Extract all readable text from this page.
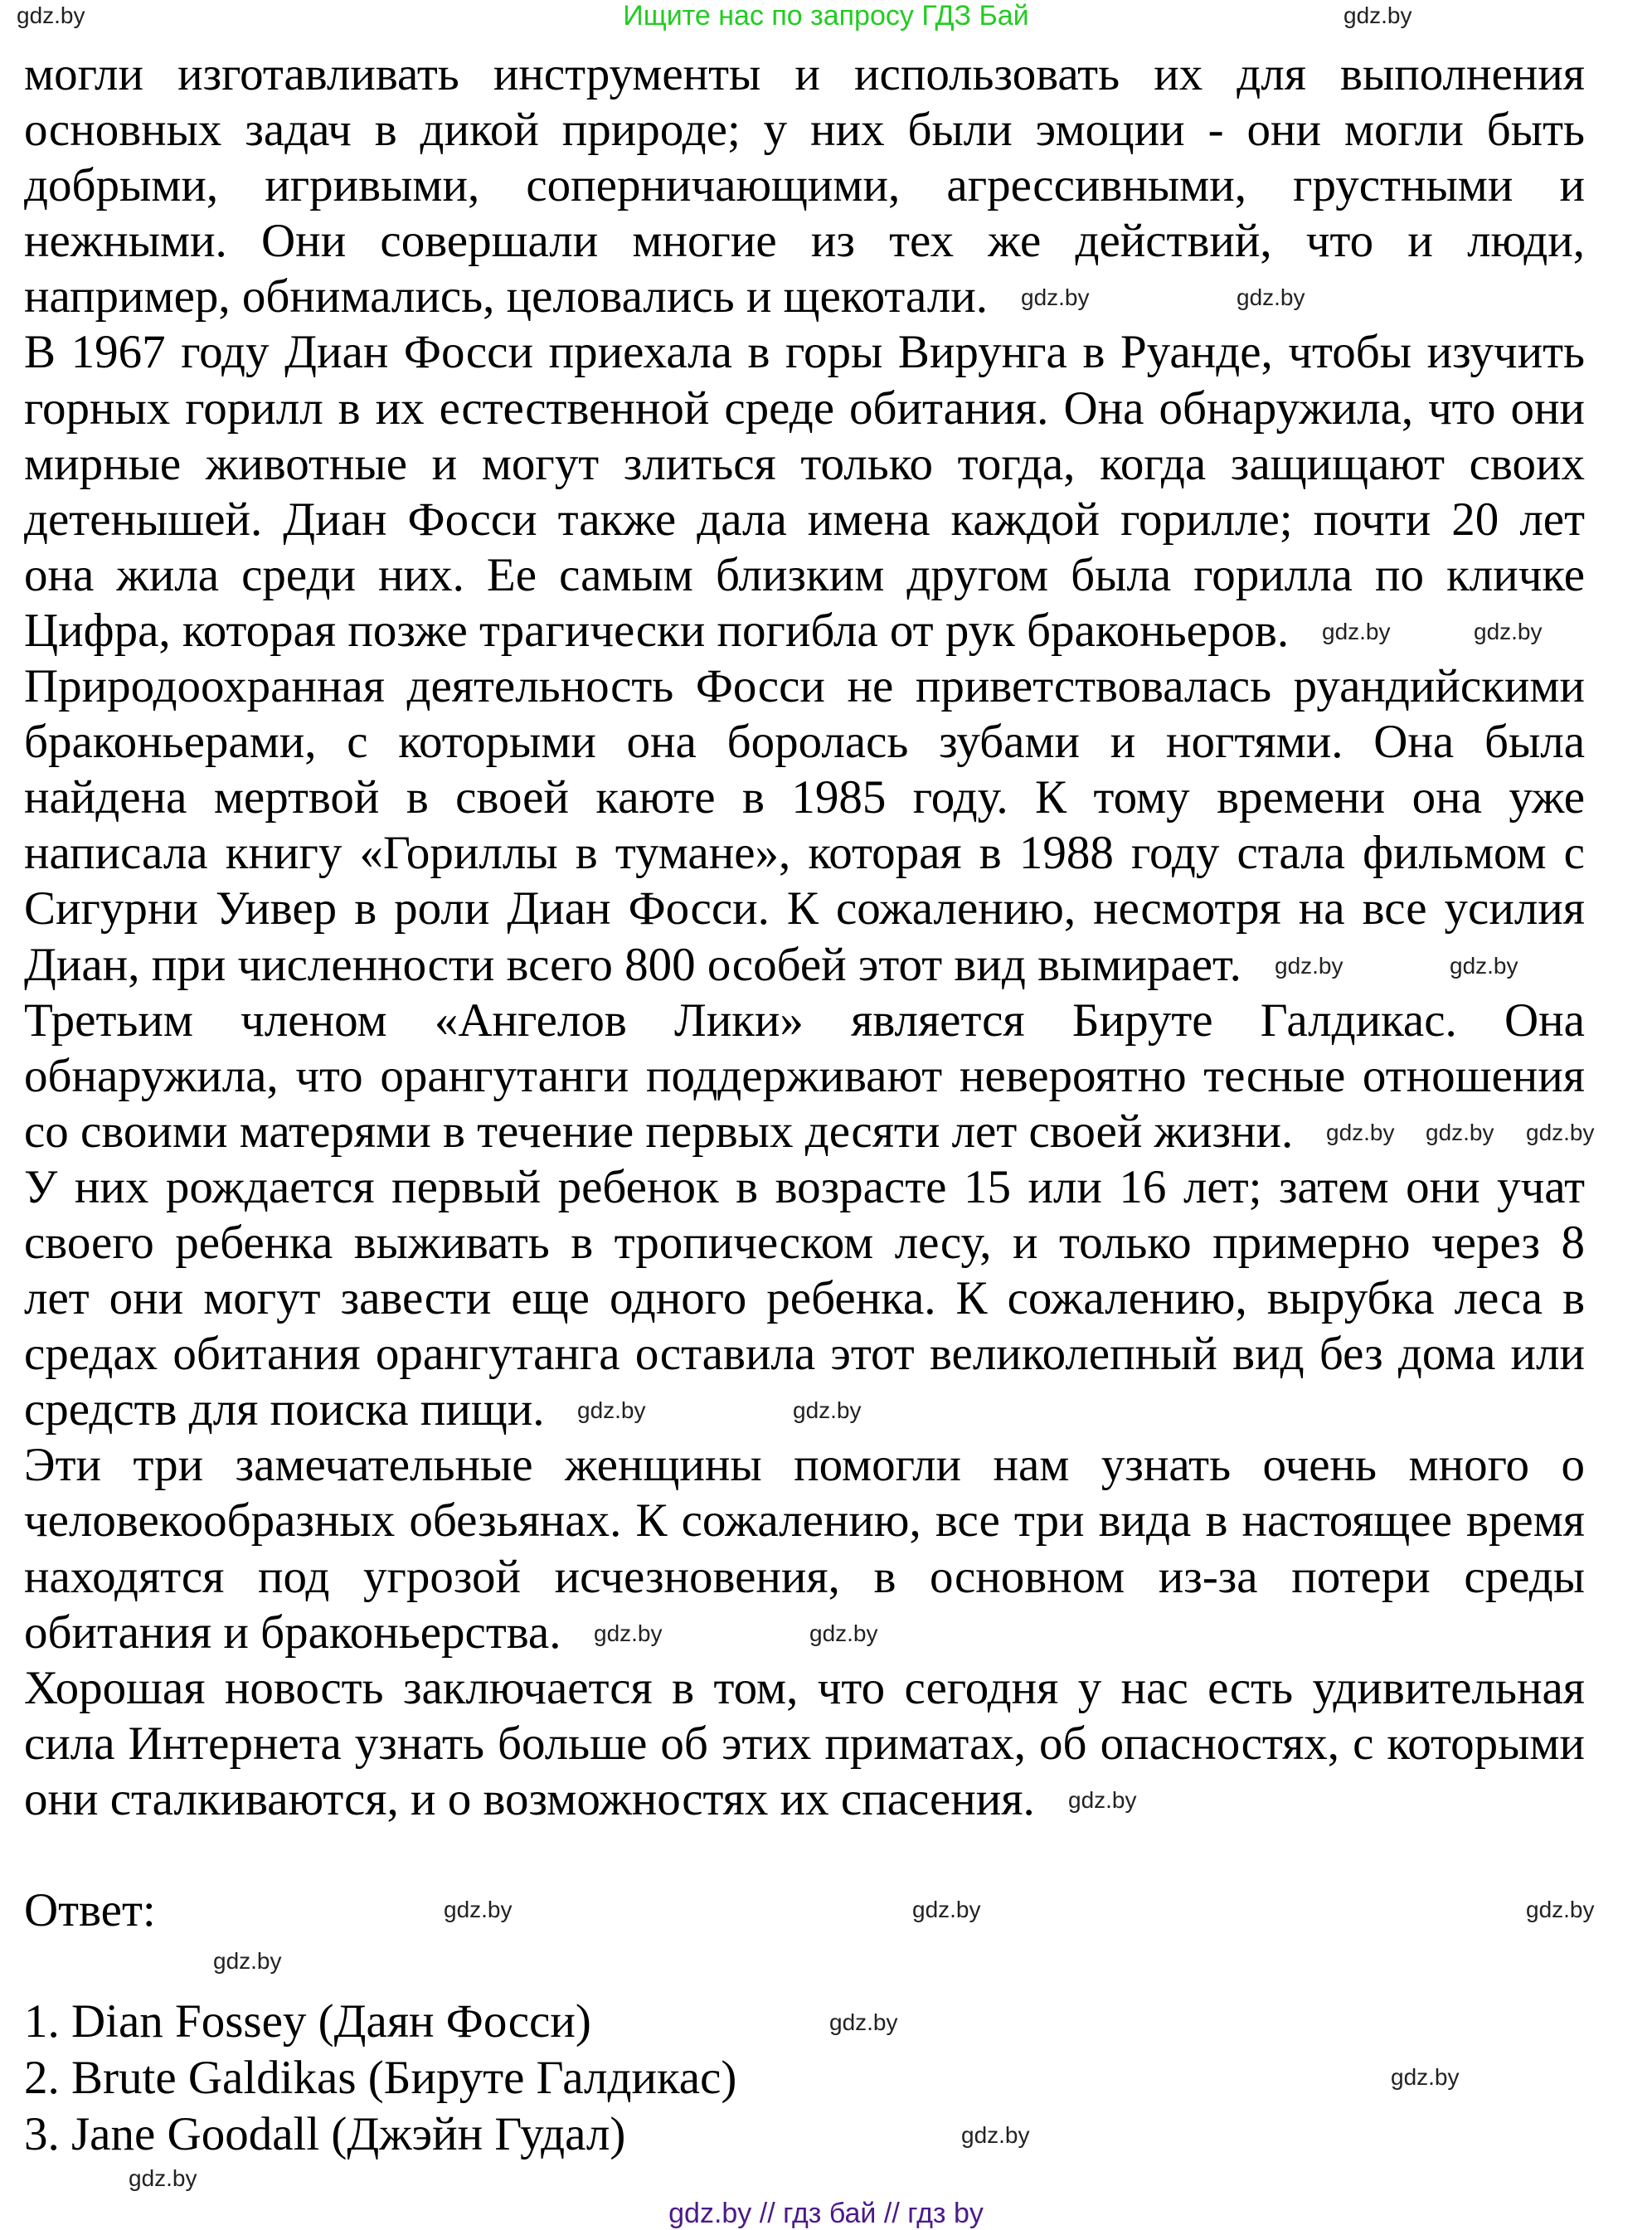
Ищите нас по запросу ГДЗ Бай
могли изготавливать инструменты и использовать их для выполнения
основных задач в дикой природе; у них были эмоции - они могли быть
добрыми, игривыми, соперничающими, агрессивными, грустными и
нежными. Они совершали многие из тех же действий, что и люди,
например, обнимались, целовались и щекотали.
В 1967 году Диан Фосси приехала в горы Вирунга в Руанде, чтобы изучить
горных горилл в их естественной среде обитания. Она обнаружила, что они
мирные животные и могут злиться только тогда, когда защищают своих
детенышей. Диан Фосси также дала имена каждой горилле; почти 20 лет
она жила среди них. Ее самым близким другом была горилла по кличке
Цифра, которая позже трагически погибла от рук браконьеров.
Природоохранная деятельность Фосси не приветствовалась руандийскими
браконьерами, с которыми она боролась зубами и ногтями. Она была
найдена мертвой в своей каюте в 1985 году. К тому времени она уже
написала книгу «Гориллы в тумане», которая в 1988 году стала фильмом с
Сигурни Уивер в роли Диан Фосси. К сожалению, несмотря на все усилия
Диан, при численности всего 800 особей этот вид вымирает.
Третьим членом «Ангелов Лики» является Бируте Галдикас. Она
обнаружила, что орангутанги поддерживают невероятно тесные отношения
со своими матерями в течение первых десяти лет своей жизни.
У них рождается первый ребенок в возрасте 15 или 16 лет; затем они учат
своего ребенка выживать в тропическом лесу, и только примерно через 8
лет они могут завести еще одного ребенка. К сожалению, вырубка леса в
средах обитания орангутанга оставила этот великолепный вид без дома или
средств для поиска пищи.
Эти три замечательные женщины помогли нам узнать очень много о
человекообразных обезьянах. К сожалению, все три вида в настоящее время
находятся под угрозой исчезновения, в основном из-за потери среды
обитания и браконьерства.
Хорошая новость заключается в том, что сегодня у нас есть удивительная
сила Интернета узнать больше об этих приматах, об опасностях, с которыми
они сталкиваются, и о возможностях их спасения.
Ответ:
1. Dian Fossey (Даян Фосси)
2. Brute Galdikas (Бируте Галдикас)
3. Jane Goodall (Джэйн Гудал)
gdz.by	gdz.by
gdz.by	gdz.by
gdz.by	gdz.by
gdz.by gdz.by gdz.by
gdz.by	gdz.by
gdz.by	gdz.by
gdz.by
gdz.by	gdz.by
gdz.by	gdz.by	gdz.by
gdz.by
gdz.by
gdz.by
gdz.by
gdz.by
gdz.by // гдз бай // гдз by
